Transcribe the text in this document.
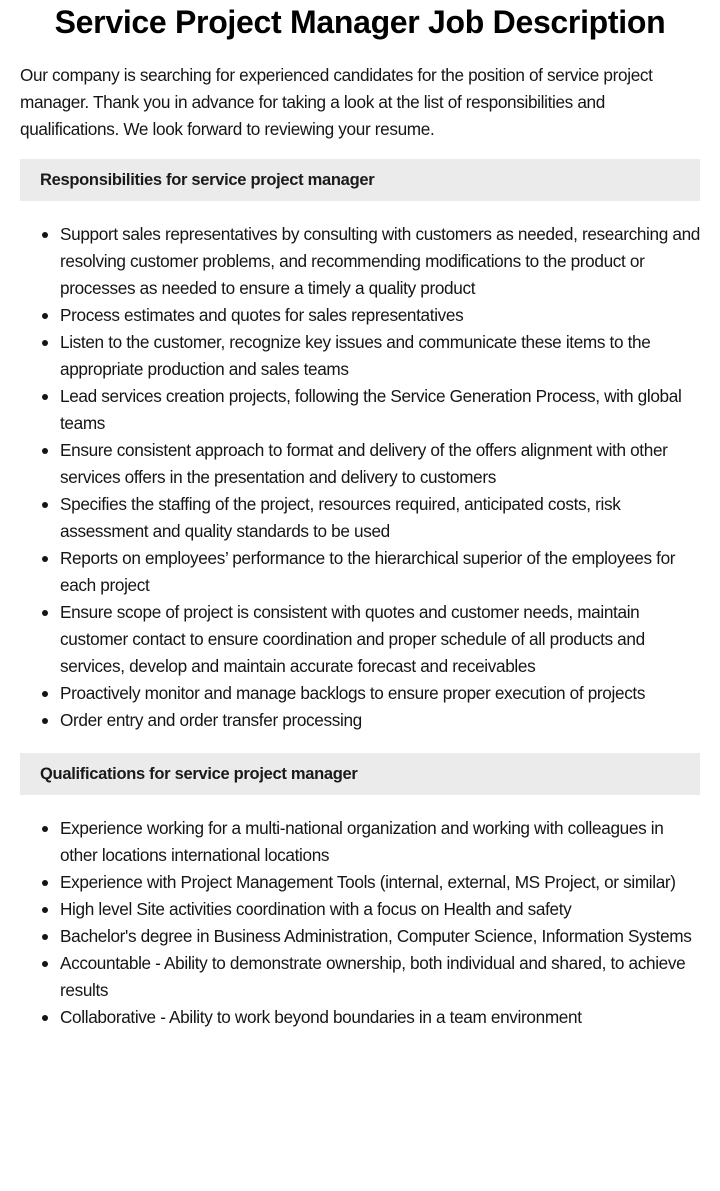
Service Project Manager Job Description

Our company is searching for experienced candidates for the position of service project manager. Thank you in advance for taking a look at the list of responsibilities and qualifications. We look forward to reviewing your resume.

Responsibilities for service project manager
Support sales representatives by consulting with customers as needed, researching and resolving customer problems, and recommending modifications to the product or processes as needed to ensure a timely a quality product
Process estimates and quotes for sales representatives
Listen to the customer, recognize key issues and communicate these items to the appropriate production and sales teams
Lead services creation projects, following the Service Generation Process, with global teams
Ensure consistent approach to format and delivery of the offers alignment with other services offers in the presentation and delivery to customers
Specifies the staffing of the project, resources required, anticipated costs, risk assessment and quality standards to be used
Reports on employees’ performance to the hierarchical superior of the employees for each project
Ensure scope of project is consistent with quotes and customer needs, maintain customer contact to ensure coordination and proper schedule of all products and services, develop and maintain accurate forecast and receivables
Proactively monitor and manage backlogs to ensure proper execution of projects
Order entry and order transfer processing
Qualifications for service project manager
Experience working for a multi-national organization and working with colleagues in other locations international locations
Experience with Project Management Tools (internal, external, MS Project, or similar)
High level Site activities coordination with a focus on Health and safety
Bachelor's degree in Business Administration, Computer Science, Information Systems
Accountable - Ability to demonstrate ownership, both individual and shared, to achieve results
Collaborative - Ability to work beyond boundaries in a team environment
